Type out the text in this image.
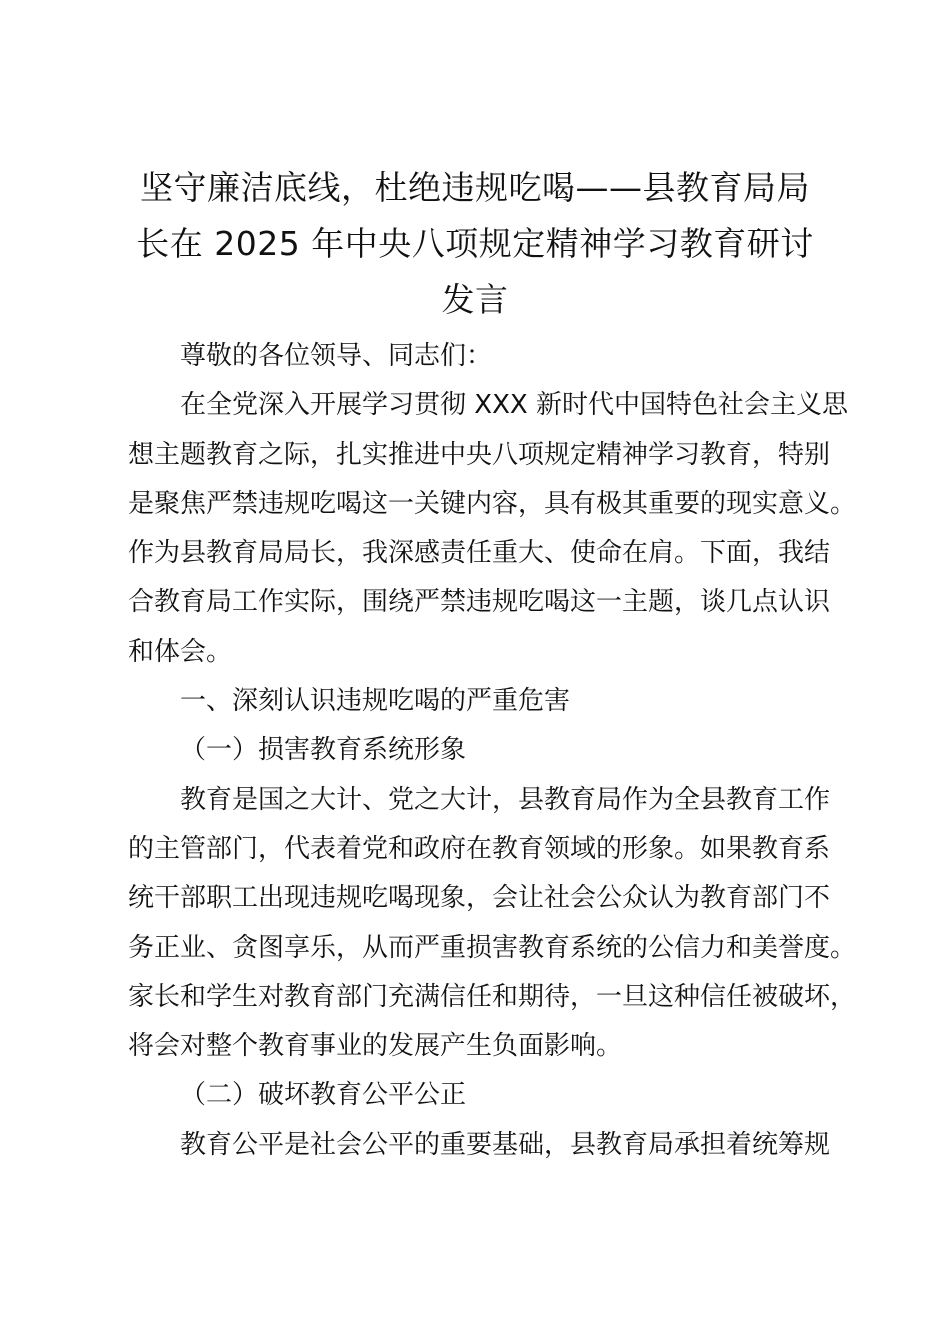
坚守廉洁底线，杜绝违规吃喝——县教育局局
长在 2025 年中央八项规定精神学习教育研讨
发言
尊敬的各位领导、同志们：
在全党深入开展学习贯彻 XXX 新时代中国特色社会主义思
想主题教育之际，扎实推进中央八项规定精神学习教育，特别
是聚焦严禁违规吃喝这一关键内容，具有极其重要的现实意义。
作为县教育局局长，我深感责任重大、使命在肩。下面，我结
合教育局工作实际，围绕严禁违规吃喝这一主题，谈几点认识
和体会。
一、深刻认识违规吃喝的严重危害
（一）损害教育系统形象
教育是国之大计、党之大计，县教育局作为全县教育工作
的主管部门，代表着党和政府在教育领域的形象。如果教育系
统干部职工出现违规吃喝现象，会让社会公众认为教育部门不
务正业、贪图享乐，从而严重损害教育系统的公信力和美誉度。
家长和学生对教育部门充满信任和期待，一旦这种信任被破坏，
将会对整个教育事业的发展产生负面影响。
（二）破坏教育公平公正
教育公平是社会公平的重要基础，县教育局承担着统筹规
